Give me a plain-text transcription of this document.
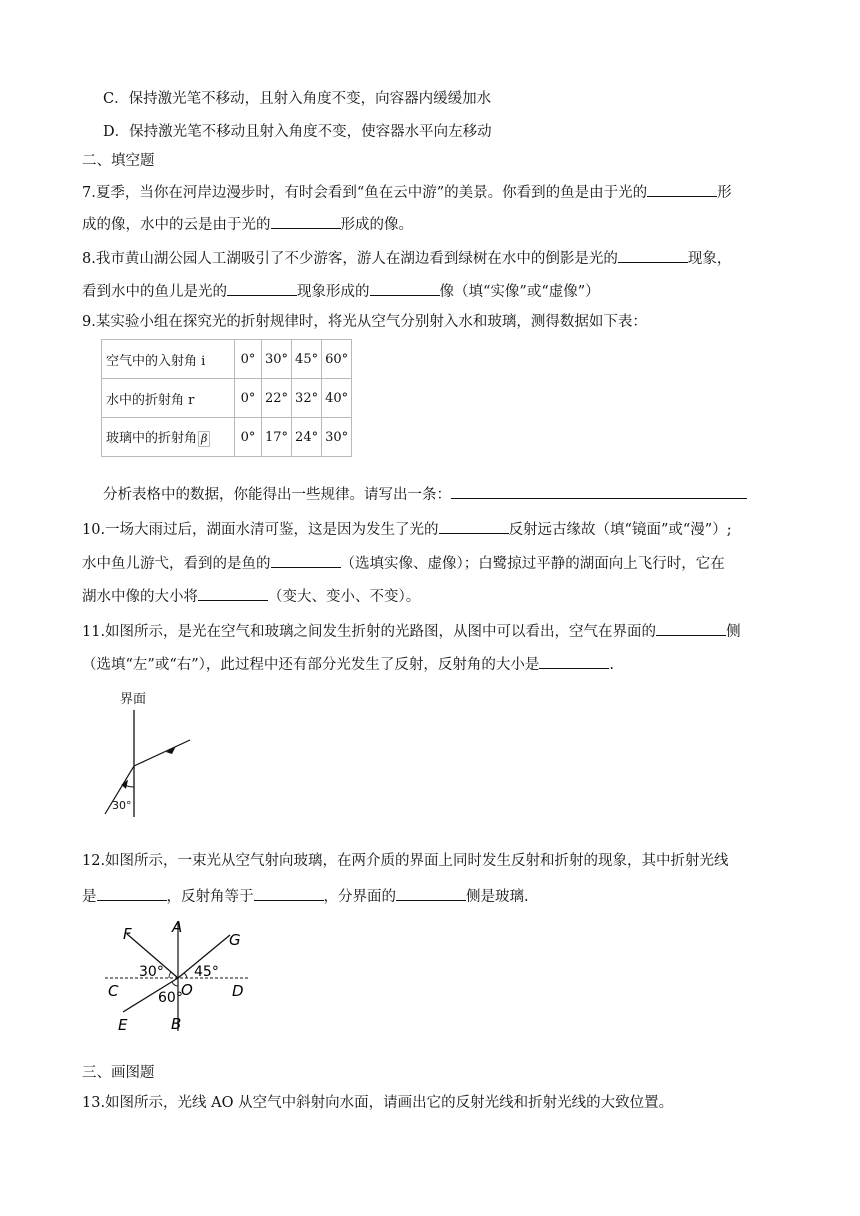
C．保持激光笔不移动，且射入角度不变，向容器内缓缓加水
D．保持激光笔不移动且射入角度不变，使容器水平向左移动
二、填空题
7.夏季，当你在河岸边漫步时，有时会看到“鱼在云中游”的美景。你看到的鱼是由于光的	形
成的像，水中的云是由于光的	形成的像。
8.我市黄山湖公园人工湖吸引了不少游客，游人在湖边看到绿树在水中的倒影是光的	现象，
看到水中的鱼儿是光的	现象形成的	像（填“实像”或“虚像”）
9.某实验小组在探究光的折射规律时，将光从空气分别射入水和玻璃，测得数据如下表：
空气中的入射角 i	0°	30°	45°	60°
水中的折射角 r	0°	22°	32°	40°
玻璃中的折射角 β	0°	17°	24°	30°
分析表格中的数据，你能得出一些规律。请写出一条：
10.一场大雨过后，湖面水清可鉴，这是因为发生了光的	反射远古缘故（填“镜面”或“漫”）;
水中鱼儿游弋，看到的是鱼的	（选填实像、虚像）；白鹭掠过平静的湖面向上飞行时，它在
湖水中像的大小将	（变大、变小、不变）。
11.如图所示，是光在空气和玻璃之间发生折射的光路图，从图中可以看出，空气在界面的	侧
（选填“左”或“右”），此过程中还有部分光发生了反射，反射角的大小是	.
界面
30°
12.如图所示，一束光从空气射向玻璃，在两介质的界面上同时发生反射和折射的现象，其中折射光线
是	，反射角等于	，分界面的	侧是玻璃.
F	A
G
C	D
O
E	B
30° 45°
60°
三、画图题
13.如图所示，光线 AO 从空气中斜射向水面，请画出它的反射光线和折射光线的大致位置。
